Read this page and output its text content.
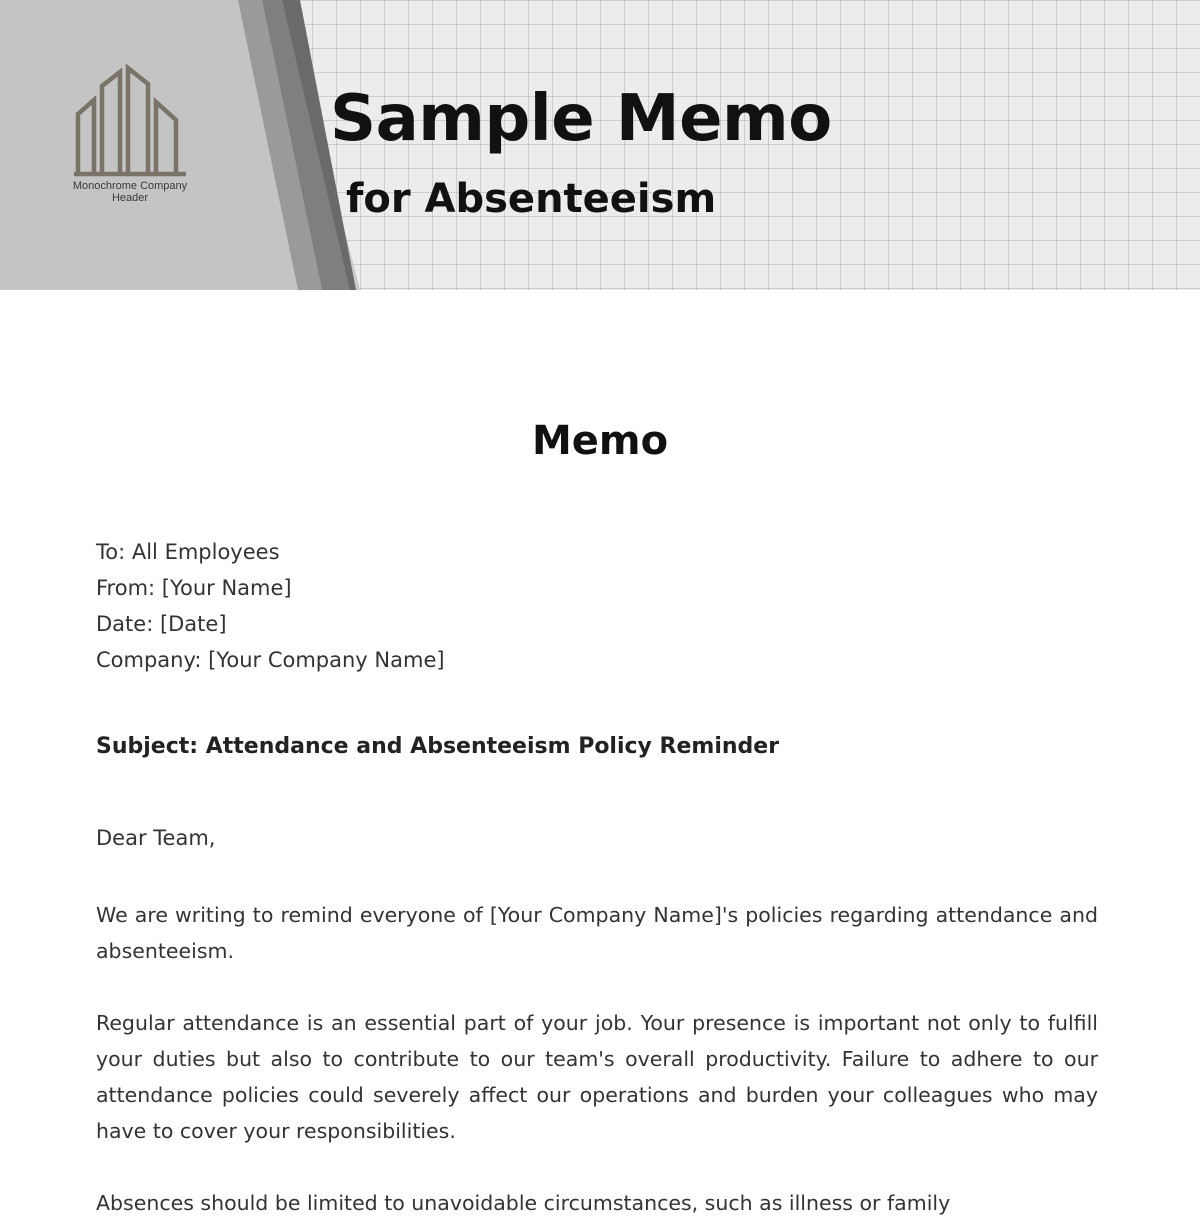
Monochrome Company
Header
Sample Memo
for Absenteeism
Memo
To: All Employees
From: [Your Name]
Date: [Date]
Company: [Your Company Name]
Subject: Attendance and Absenteeism Policy Reminder
Dear Team,
We are writing to remind everyone of [Your Company Name]'s policies regarding attendance and absenteeism.
Regular attendance is an essential part of your job. Your presence is important not only to fulfill your duties but also to contribute to our team's overall productivity. Failure to adhere to our attendance policies could severely affect our operations and burden your colleagues who may have to cover your responsibilities.
Absences should be limited to unavoidable circumstances, such as illness or family
